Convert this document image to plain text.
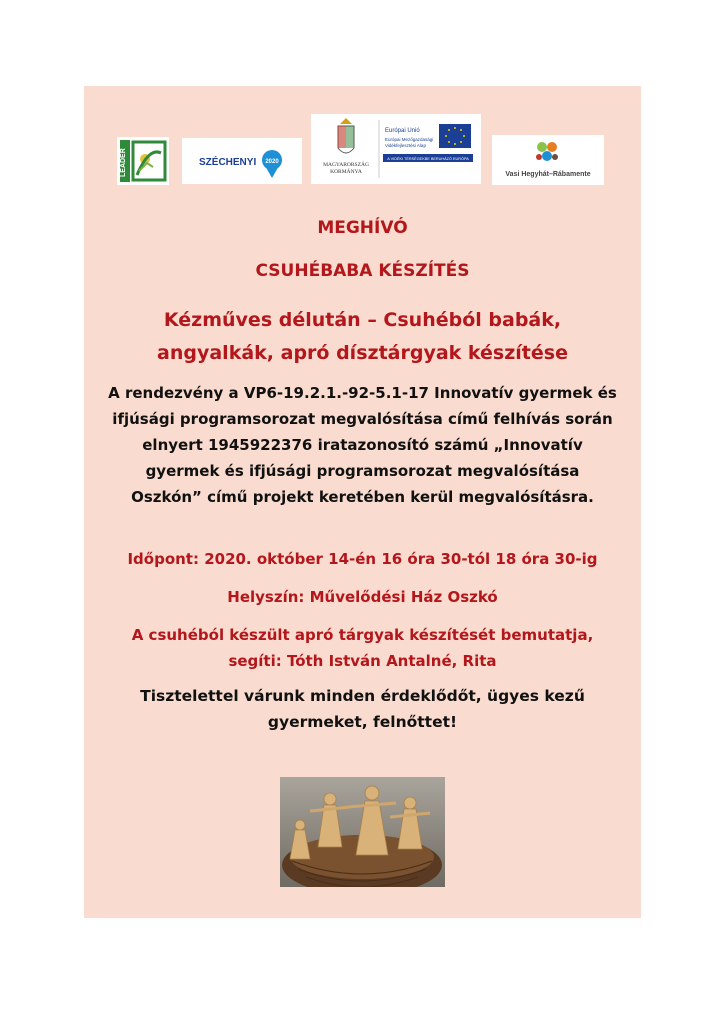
LEADER	SZÉCHENYI 2020	MAGYARORSZÁG
KORMÁNYA
Európai Unió
Európai Mezőgazdasági
Vidékfejlesztési Alap
A VIDÉKI TÉRSÉGEKBE BERUHÁZÓ EURÓPA
Vasi Hegyhát–Rábamente
MEGHÍVÓ
CSUHÉBABA KÉSZÍTÉS
Kézműves délután – Csuhéból babák,
angyalkák, apró dísztárgyak készítése
A rendezvény a VP6-19.2.1.-92-5.1-17 Innovatív gyermek és
ifjúsági programsorozat megvalósítása című felhívás során
elnyert 1945922376 iratazonosító számú „Innovatív
gyermek és ifjúsági programsorozat megvalósítása
Oszkón” című projekt keretében kerül megvalósításra.
Időpont: 2020. október 14-én 16 óra 30-tól 18 óra 30-ig
Helyszín: Művelődési Ház Oszkó
A csuhéból készült apró tárgyak készítését bemutatja,
segíti: Tóth István Antalné, Rita
Tisztelettel várunk minden érdeklődőt, ügyes kezű
gyermeket, felnőttet!
